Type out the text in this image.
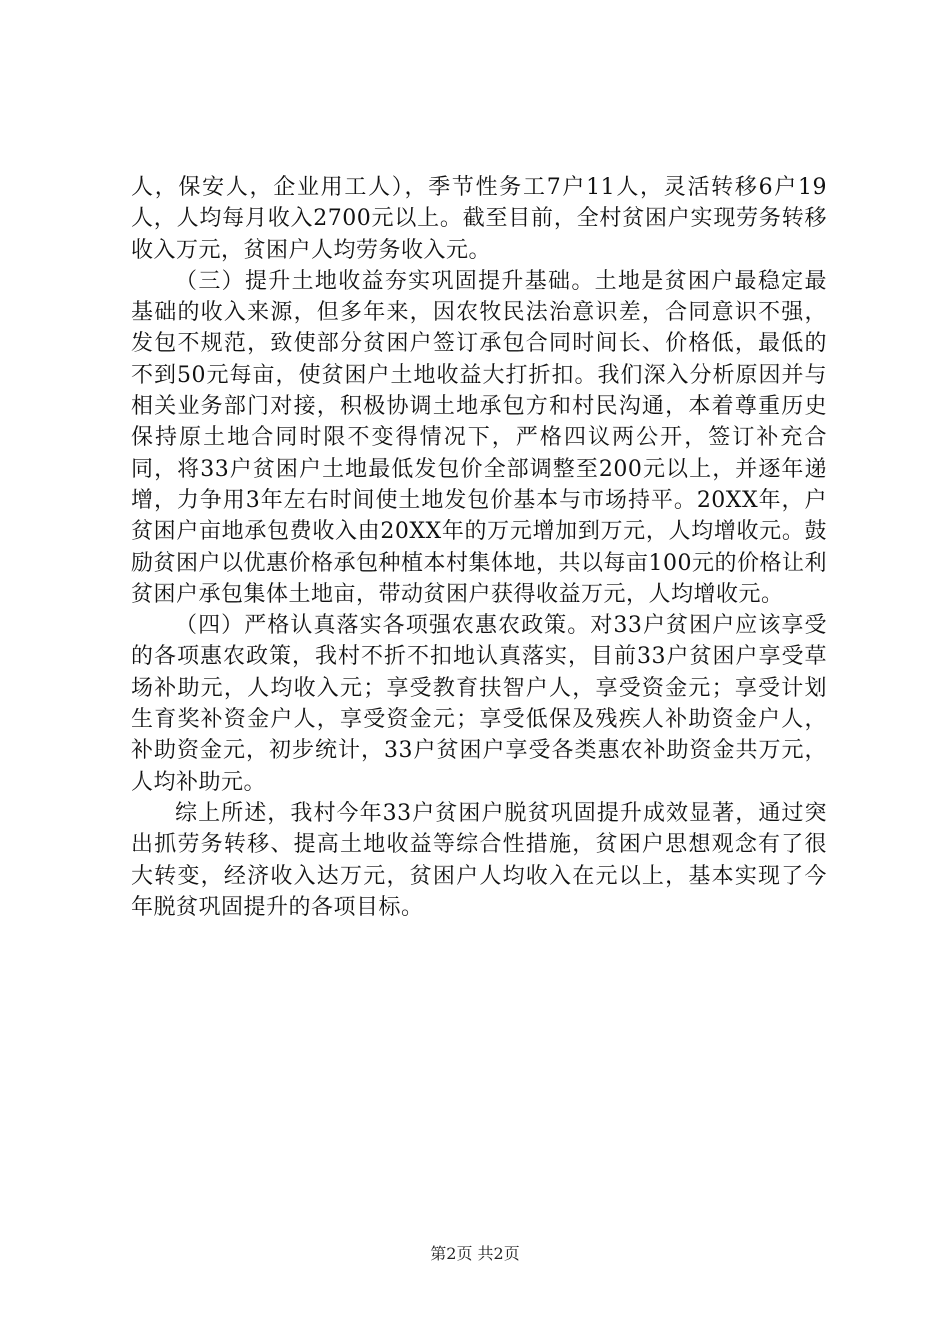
人，保安人，企业用工人），季节性务工7户11人，灵活转移6户19人，人均每月收入2700元以上。截至目前，全村贫困户实现劳务转移收入万元，贫困户人均劳务收入元。

（三）提升土地收益夯实巩固提升基础。土地是贫困户最稳定最基础的收入来源，但多年来，因农牧民法治意识差，合同意识不强，发包不规范，致使部分贫困户签订承包合同时间长、价格低，最低的不到50元每亩，使贫困户土地收益大打折扣。我们深入分析原因并与相关业务部门对接，积极协调土地承包方和村民沟通，本着尊重历史保持原土地合同时限不变得情况下，严格四议两公开，签订补充合同，将33户贫困户土地最低发包价全部调整至200元以上，并逐年递增，力争用3年左右时间使土地发包价基本与市场持平。20XX年，户贫困户亩地承包费收入由20XX年的万元增加到万元，人均增收元。鼓励贫困户以优惠价格承包种植本村集体地，共以每亩100元的价格让利贫困户承包集体土地亩，带动贫困户获得收益万元，人均增收元。

（四）严格认真落实各项强农惠农政策。对33户贫困户应该享受的各项惠农政策，我村不折不扣地认真落实，目前33户贫困户享受草场补助元，人均收入元；享受教育扶智户人，享受资金元；享受计划生育奖补资金户人，享受资金元；享受低保及残疾人补助资金户人，补助资金元，初步统计，33户贫困户享受各类惠农补助资金共万元，人均补助元。

综上所述，我村今年33户贫困户脱贫巩固提升成效显著，通过突出抓劳务转移、提高土地收益等综合性措施，贫困户思想观念有了很大转变，经济收入达万元，贫困户人均收入在元以上，基本实现了今年脱贫巩固提升的各项目标。

第2页 共2页
